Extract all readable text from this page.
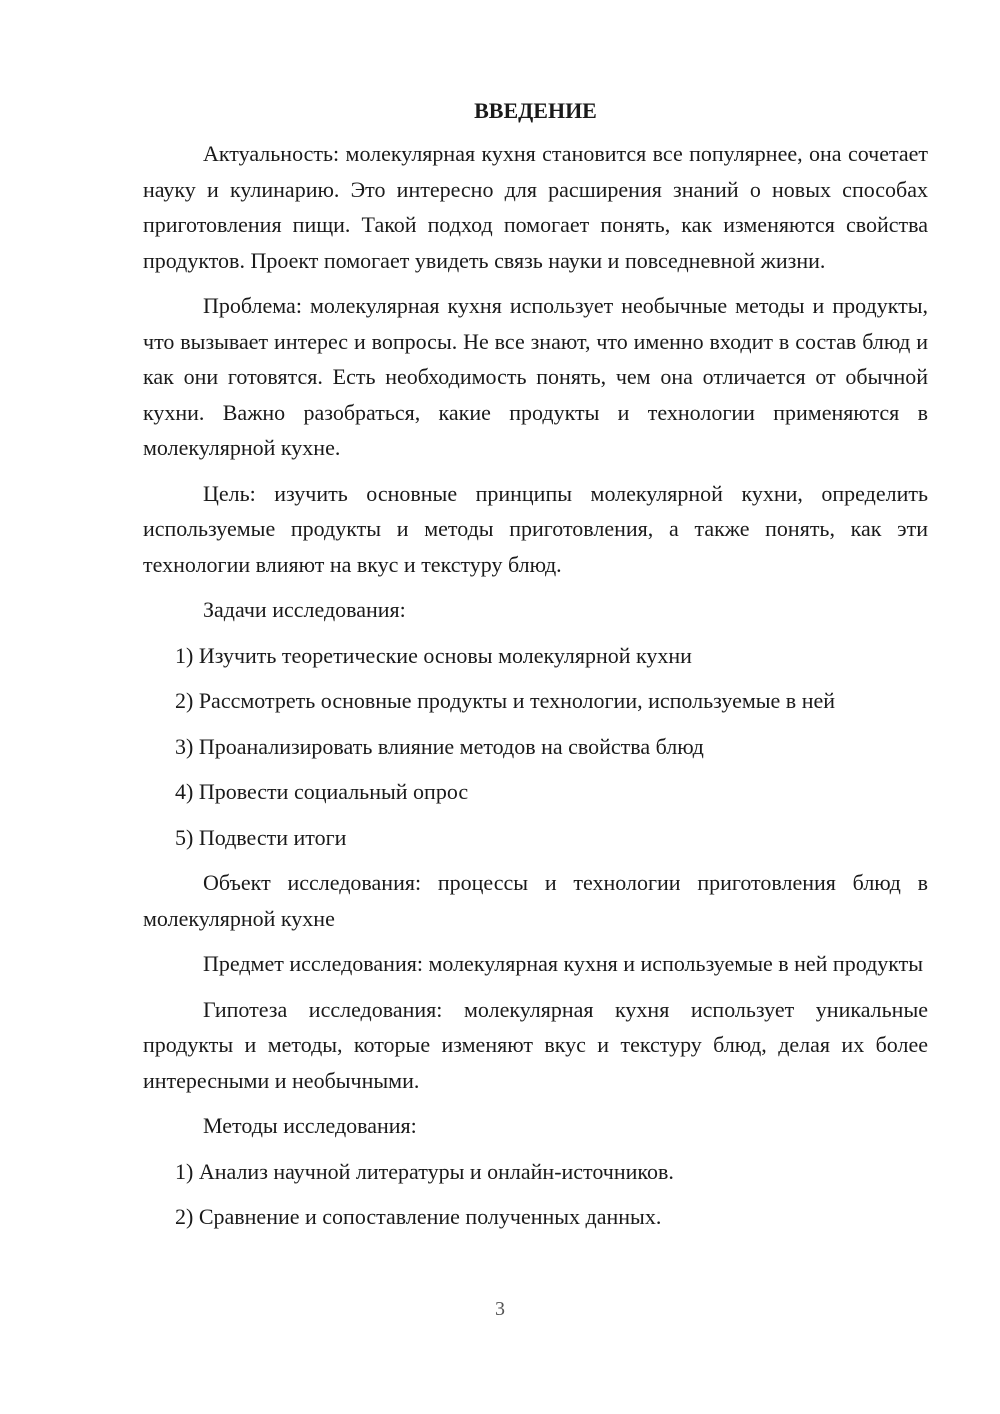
ВВЕДЕНИЕ

Актуальность: молекулярная кухня становится все популярнее, она сочетает науку и кулинарию. Это интересно для расширения знаний о новых способах приготовления пищи. Такой подход помогает понять, как изменяются свойства продуктов. Проект помогает увидеть связь науки и повседневной жизни.

Проблема: молекулярная кухня использует необычные методы и продукты, что вызывает интерес и вопросы. Не все знают, что именно входит в состав блюд и как они готовятся. Есть необходимость понять, чем она отличается от обычной кухни. Важно разобраться, какие продукты и технологии применяются в молекулярной кухне.

Цель: изучить основные принципы молекулярной кухни, определить используемые продукты и методы приготовления, а также понять, как эти технологии влияют на вкус и текстуру блюд.

Задачи исследования:
1) Изучить теоретические основы молекулярной кухни
2) Рассмотреть основные продукты и технологии, используемые в ней
3) Проанализировать влияние методов на свойства блюд
4) Провести социальный опрос
5) Подвести итоги

Объект исследования: процессы и технологии приготовления блюд в молекулярной кухне

Предмет исследования: молекулярная кухня и используемые в ней продукты

Гипотеза исследования: молекулярная кухня использует уникальные продукты и методы, которые изменяют вкус и текстуру блюд, делая их более интересными и необычными.

Методы исследования:
1) Анализ научной литературы и онлайн-источников.
2) Сравнение и сопоставление полученных данных.
3
